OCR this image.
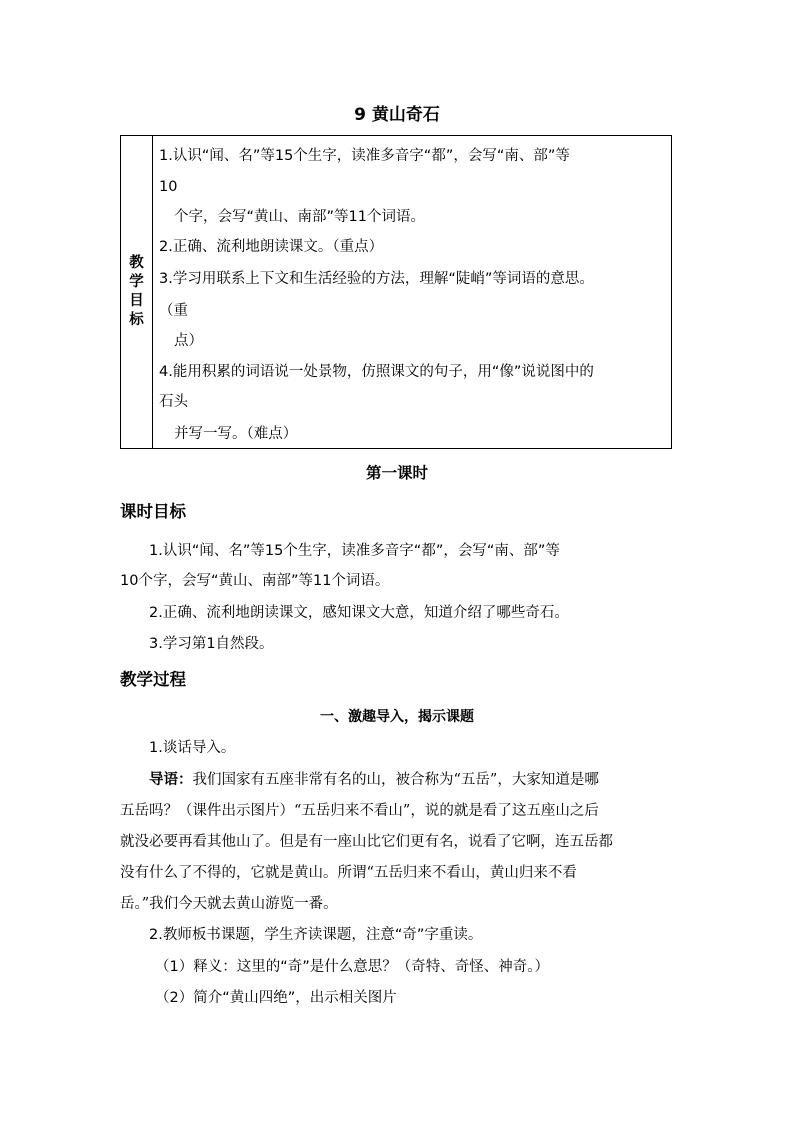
9 黄山奇石
教
学
目
标
1.认识“闻、名”等15个生字，读准多音字“都”，会写“南、部”等
10
个字，会写“黄山、南部”等11个词语。
2.正确、流利地朗读课文。（重点）
3.学习用联系上下文和生活经验的方法，理解“陡峭”等词语的意思。
（重
点）
4.能用积累的词语说一处景物，仿照课文的句子，用“像”说说图中的
石头
并写一写。（难点）
第一课时
课时目标
1.认识“闻、名”等15个生字，读准多音字“都”，会写“南、部”等
10个字，会写“黄山、南部”等11个词语。
2.正确、流利地朗读课文，感知课文大意，知道介绍了哪些奇石。
3.学习第1自然段。
教学过程
一、激趣导入，揭示课题
1.谈话导入。
导语：我们国家有五座非常有名的山，被合称为“五岳”，大家知道是哪
五岳吗？（课件出示图片）“五岳归来不看山”，说的就是看了这五座山之后
就没必要再看其他山了。但是有一座山比它们更有名，说看了它啊，连五岳都
没有什么了不得的，它就是黄山。所谓“五岳归来不看山，黄山归来不看
岳。”我们今天就去黄山游览一番。
2.教师板书课题，学生齐读课题，注意“奇”字重读。
（1）释义：这里的“奇”是什么意思？（奇特、奇怪、神奇。）
（2）简介“黄山四绝”，出示相关图片
